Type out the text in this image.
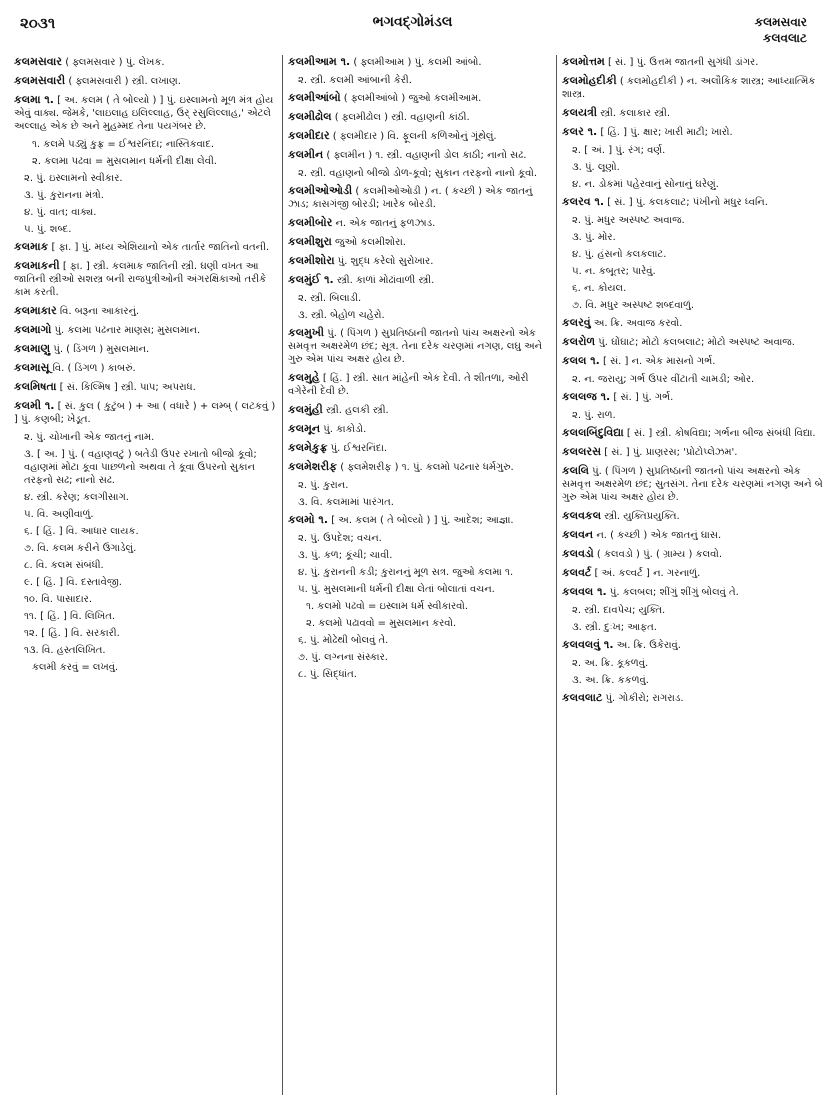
૨૦૩૧	ભગવદ્ગોમંડલ	કલમસવાર
કલવલાટ
કલમસવાર ( ફ્લમસવાર ) પું. લેખક.
કલમસવારી ( ફ્લમસવારી ) સ્ત્રી. લખાણ.
કલમા ૧. [ અ. કલમ ( તે બોલ્યો ) ] પું. ઇસ્લામનો મૂળ મંત્ર હોય એવું વાક્ય. જેમકે, 'લાઇલાહ ઇલિલ્લાહ, ઉર્ રસુલિલ્લાહ,' એટલે અલ્લાહ એક છે અને મુહમ્મદ તેના પયગંબર છે.
૧. કલમે પડ્યું કુફ્ર = ઈશ્વરનિંદા; નાસ્તિકવાદ.
૨. કલમા પઢવા = મુસલમાન ધર્મની દીક્ષા લેવી.
૨. પું. ઇસ્લામનો સ્વીકાર.
૩. પું. કુરાનના મંત્રો.
૪. પું. વાત; વાક્ય.
૫. પું. શબ્દ.
કલમાક [ ફા. ] પું. મધ્ય એશિયાનો એક તાર્તાર જાતિનો વતની.
કલમાકની [ ફા. ] સ્ત્રી. કલમાક જાતિની સ્ત્રી. ઘણી વખત આ જાતિની સ્ત્રીઓ સશસ્ત્ર બની રાજપુત્રીઓની અંગરક્ષિકાઓ તરીકે કામ કરતી.
કલમાકાર વિ. બરૂના આકારનું.
કલમાગો પું. કલમા પઢનાર માણસ; મુસલમાન.
કલમાણુ પું. ( ડિંગળ ) મુસલમાન.
કલમાસૂ વિ. ( ડિંગળ ) કાબરું.
કલમિષતા [ સં. કિલ્મિષ ] સ્ત્રી. પાપ; અપરાધ.
કલમી ૧. [ સં. કુલ ( કુટુંબ ) + આ ( વધારે ) + લમ્બ્ ( લટકવું ) ] પું. કણબી; ખેડૂત.
૨. પું. ચોખાની એક જાતનું નામ.
૩. [ અ. ] પું. ( વહાણવટું ) બતેડી ઉપર રખાતો બીજો કૂવો; વહાણમાં મોટા કૂવા પાછળનો અથવા તે કૂવા ઉપરનો સુકાન તરફનો સઢ; નાનો સઢ.
૪. સ્ત્રી. કરેણ; કલગીસાગ.
૫. વિ. અણીવાળું.
૬. [ હિં. ] વિ. આધાર લાયક.
૭. વિ. કલમ કરીને ઉગાડેલું.
૮. વિ. કલમ સંબંધી.
૯. [ હિં. ] વિ. દસ્તાવેજી.
૧૦. વિ. પાસાદાર.
૧૧. [ હિં. ] વિ. લિખિત.
૧૨. [ હિં. ] વિ. સરકારી.
૧૩. વિ. હસ્તલિખિત.
કલમી કરવું = લખવું.
કલમીઆમ ૧. ( ફ્લમીઆમ ) પું. કલમી આંબો.
૨. સ્ત્રી. કલમી આંબાની કેરી.
કલમીઆંબો ( ફ્લમીઆંબો ) જુઓ કલમીઆમ.
કલમીઢોલ ( ફ્લમીઢોલ ) સ્ત્રી. વહાણની કાંઠી.
કલમીદાર ( ફ્લમીદાર ) વિ. ફૂલની કળિઓનું ગૂંથેલું.
કલમીન ( ફ્લમીન ) ૧. સ્ત્રી. વહાણની ડોલ કાઠી; નાનો સઢ.
૨. સ્ત્રી. વહાણનો બીજો ડોળ-કૂવો; સુકાન તરફનો નાનો કૂવો.
કલમીઓઆેડી ( કલમીઓઆેડી ) ન. ( કચ્છી ) એક જાતનું ઝાડ; કાસગંજી બોરડી; ખારેક બોરડી.
કલમીબોર ન. એક જાતનું ફળઝાડ.
કલમીશુરા જુઓ કલમીશોરા.
કલમીશોરા પું. શુદ્ધ કરેલો સુરોખાર.
કલમુંઈ ૧. સ્ત્રી. કાળાં મોઢાંવાળી સ્ત્રી.
૨. સ્ત્રી. બિલાડી.
૩. સ્ત્રી. બેહોળ ચહેરો.
કલમુખી પું. ( પિંગળ ) સુપ્રતિષ્ઠાની જાતનો પાંચ અક્ષરનો એક સમવૃત્ત અક્ષરમેળ છંદ; સૂત્ર. તેના દરેક ચરણમાં નગણ, લઘુ અને ગુરુ એમ પાંચ અક્ષર હોય છે.
કલમુહે [ હિં. ] સ્ત્રી. સાત માંહેની એક દેવી. તે શીતળા, ઓરી વગેરેની દેવી છે.
કલમુંહી સ્ત્રી. હલકી સ્ત્રી.
કલમૂન પું. કાકોડો.
કલમેકુફ્ર પું. ઈશ્વરનિંદા.
કલમેશરીફ ( ફ્લમેશરીફ ) ૧. પું. કલમો પઢનાર ધર્મગુરુ.
૨. પું. કુરાન.
૩. વિ. કલમામાં પારંગત.
કલમો ૧. [ અ. કલમ ( તે બોલ્યો ) ] પું. આદેશ; આજ્ઞા.
૨. પું. ઉપદેશ; વચન.
૩. પું. કળ; કૂંચી; ચાવી.
૪. પું. કુરાનની કડી; કુરાનનું મૂળ સત્ર. જુઓ કલમા ૧.
૫. પું. મુસલમાની ધર્મની દીક્ષા લેતાં બોલાતાં વચન.
૧. કલમો પઢવો = ઇસ્લામ ધર્મ સ્વીકારવો.
૨. કલમો પઢાવવો = મુસલમાન કરવો.
૬. પું. મોઢેથી બોલવું તે.
૭. પું. લગ્નના સંસ્કાર.
૮. પું. સિદ્ધાંત.
કલમોત્તમ [ સં. ] પું. ઉત્તમ જાતની સુગંધી ડાંગર.
કલમોહદીકી ( કલમોહદીકી ) ન. અલૌકિક શાસ્ત્ર; આધ્યાત્મિક શાસ્ત્ર.
કલયત્રી સ્ત્રી. કલાકાર સ્ત્રી.
કલર ૧. [ હિં. ] પું. ક્ષાર; ખારી માટી; ખારો.
૨. [ અં. ] પું. રંગ; વર્ણ.
૩. પું. લૂણો.
૪. ન. ડોકમાં પહેરવાનું સોનાનું ઘરેણું.
કલરવ ૧. [ સં. ] પું. કલકલાટ; પંખીનો મધુર ધ્વનિ.
૨. પું. મધુર અસ્પષ્ટ અવાજ.
૩. પું. મોર.
૪. પું. હંસનો કલકલાટ.
૫. ન. કબૂતર; પારેવું.
૬. ન. કોયલ.
૭. વિ. મધુર અસ્પષ્ટ શબ્દવાળું.
કલરવું અ. ક્રિ. અવાજ કરવો.
કલરોળ પું. ઘોંઘાટ; મોટો કલબલાટ; મોટો અસ્પષ્ટ અવાજ.
કલલ ૧. [ સં. ] ન. એક માસનો ગર્ભ.
૨. ન. જરાયુ; ગર્ભ ઉપર વીંટાતી ચામડી; ઓર.
કલલજ ૧. [ સં. ] પું. ગર્ભ.
૨. પું. રાળ.
કલલબિંદુવિદ્યા [ સં. ] સ્ત્રી. કોષવિદ્યા; ગર્ભના બીજ સંબંધી વિદ્યા.
કલલરસ [ સં. ] પું. પ્રાણરસ; 'પ્રોટોપ્લેઝમ'.
કલલિ પું. ( પિંગળ ) સુપ્રતિષ્ઠાની જાતનો પાંચ અક્ષરનો એક સમવૃત્ત અક્ષરમેળ છંદ; સુતસંગ. તેના દરેક ચરણમાં નગણ અને બે ગુરુ એમ પાંચ અક્ષર હોય છે.
કલવકલ સ્ત્રી. યુક્તિપ્રયુક્તિ.
કલવન ન. ( કચ્છી ) એક જાતનું ઘાસ.
કલવડો ( કલવડો ) પું. ( ગ્રામ્ય ) કલવો.
કલવર્ટ [ અં. કલ્વર્ટ ] ન. ગરનાળું.
કલવલ ૧. પું. કલબલ; શીંગું શીંગું બોલવું તે.
૨. સ્ત્રી. દાવપેચ; યુક્તિ.
૩. સ્ત્રી. દુઃખ; આફત.
કલવલવું ૧. અ. ક્રિ. ઉકેરાવું.
૨. અ. ક્રિ. કૂકળવું.
૩. અ. ક્રિ. કકળવું.
કલવલાટ પું. ગોકીરો; રાગરાડ.
